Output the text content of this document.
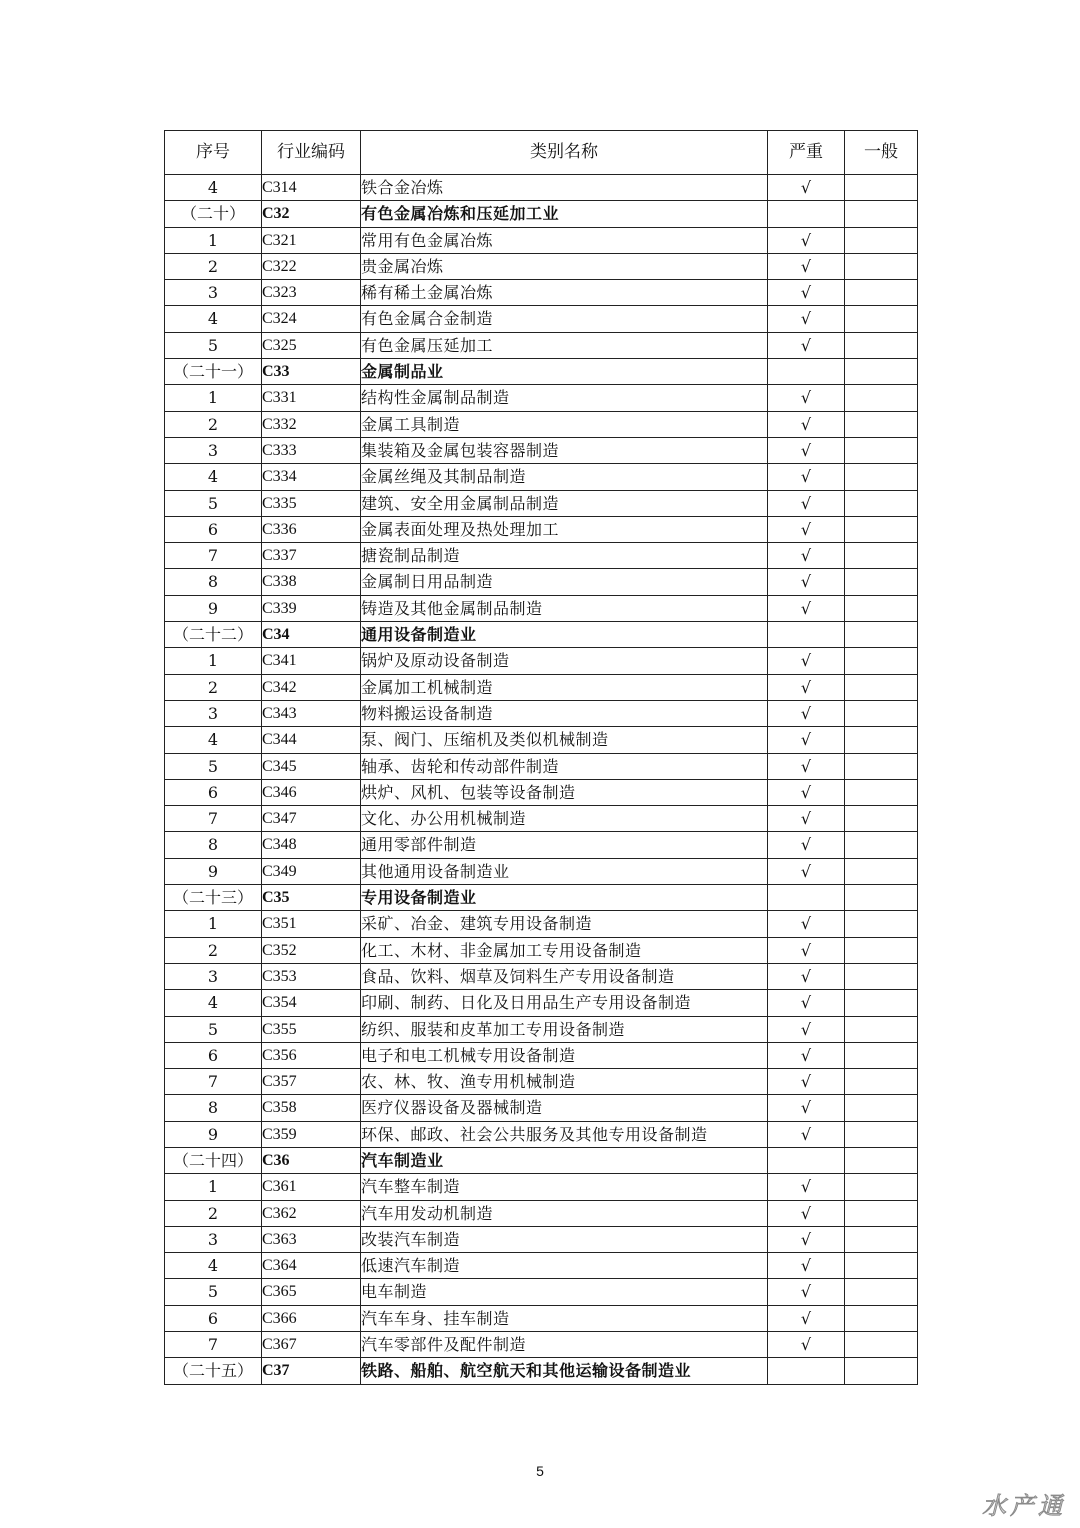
序号	行业编码	类别名称	严重	一般
4	C314	铁合金冶炼	√	
（二十）	C32	有色金属冶炼和压延加工业		
1	C321	常用有色金属冶炼	√	
2	C322	贵金属冶炼	√	
3	C323	稀有稀土金属冶炼	√	
4	C324	有色金属合金制造	√	
5	C325	有色金属压延加工	√	
（二十一）	C33	金属制品业		
1	C331	结构性金属制品制造	√	
2	C332	金属工具制造	√	
3	C333	集装箱及金属包装容器制造	√	
4	C334	金属丝绳及其制品制造	√	
5	C335	建筑、安全用金属制品制造	√	
6	C336	金属表面处理及热处理加工	√	
7	C337	搪瓷制品制造	√	
8	C338	金属制日用品制造	√	
9	C339	铸造及其他金属制品制造	√	
（二十二）	C34	通用设备制造业		
1	C341	锅炉及原动设备制造	√	
2	C342	金属加工机械制造	√	
3	C343	物料搬运设备制造	√	
4	C344	泵、阀门、压缩机及类似机械制造	√	
5	C345	轴承、齿轮和传动部件制造	√	
6	C346	烘炉、风机、包装等设备制造	√	
7	C347	文化、办公用机械制造	√	
8	C348	通用零部件制造	√	
9	C349	其他通用设备制造业	√	
（二十三）	C35	专用设备制造业		
1	C351	采矿、冶金、建筑专用设备制造	√	
2	C352	化工、木材、非金属加工专用设备制造	√	
3	C353	食品、饮料、烟草及饲料生产专用设备制造	√	
4	C354	印刷、制药、日化及日用品生产专用设备制造	√	
5	C355	纺织、服装和皮革加工专用设备制造	√	
6	C356	电子和电工机械专用设备制造	√	
7	C357	农、林、牧、渔专用机械制造	√	
8	C358	医疗仪器设备及器械制造	√	
9	C359	环保、邮政、社会公共服务及其他专用设备制造	√	
（二十四）	C36	汽车制造业		
1	C361	汽车整车制造	√	
2	C362	汽车用发动机制造	√	
3	C363	改装汽车制造	√	
4	C364	低速汽车制造	√	
5	C365	电车制造	√	
6	C366	汽车车身、挂车制造	√	
7	C367	汽车零部件及配件制造	√	
（二十五）	C37	铁路、船舶、航空航天和其他运输设备制造业		
5
水产通
